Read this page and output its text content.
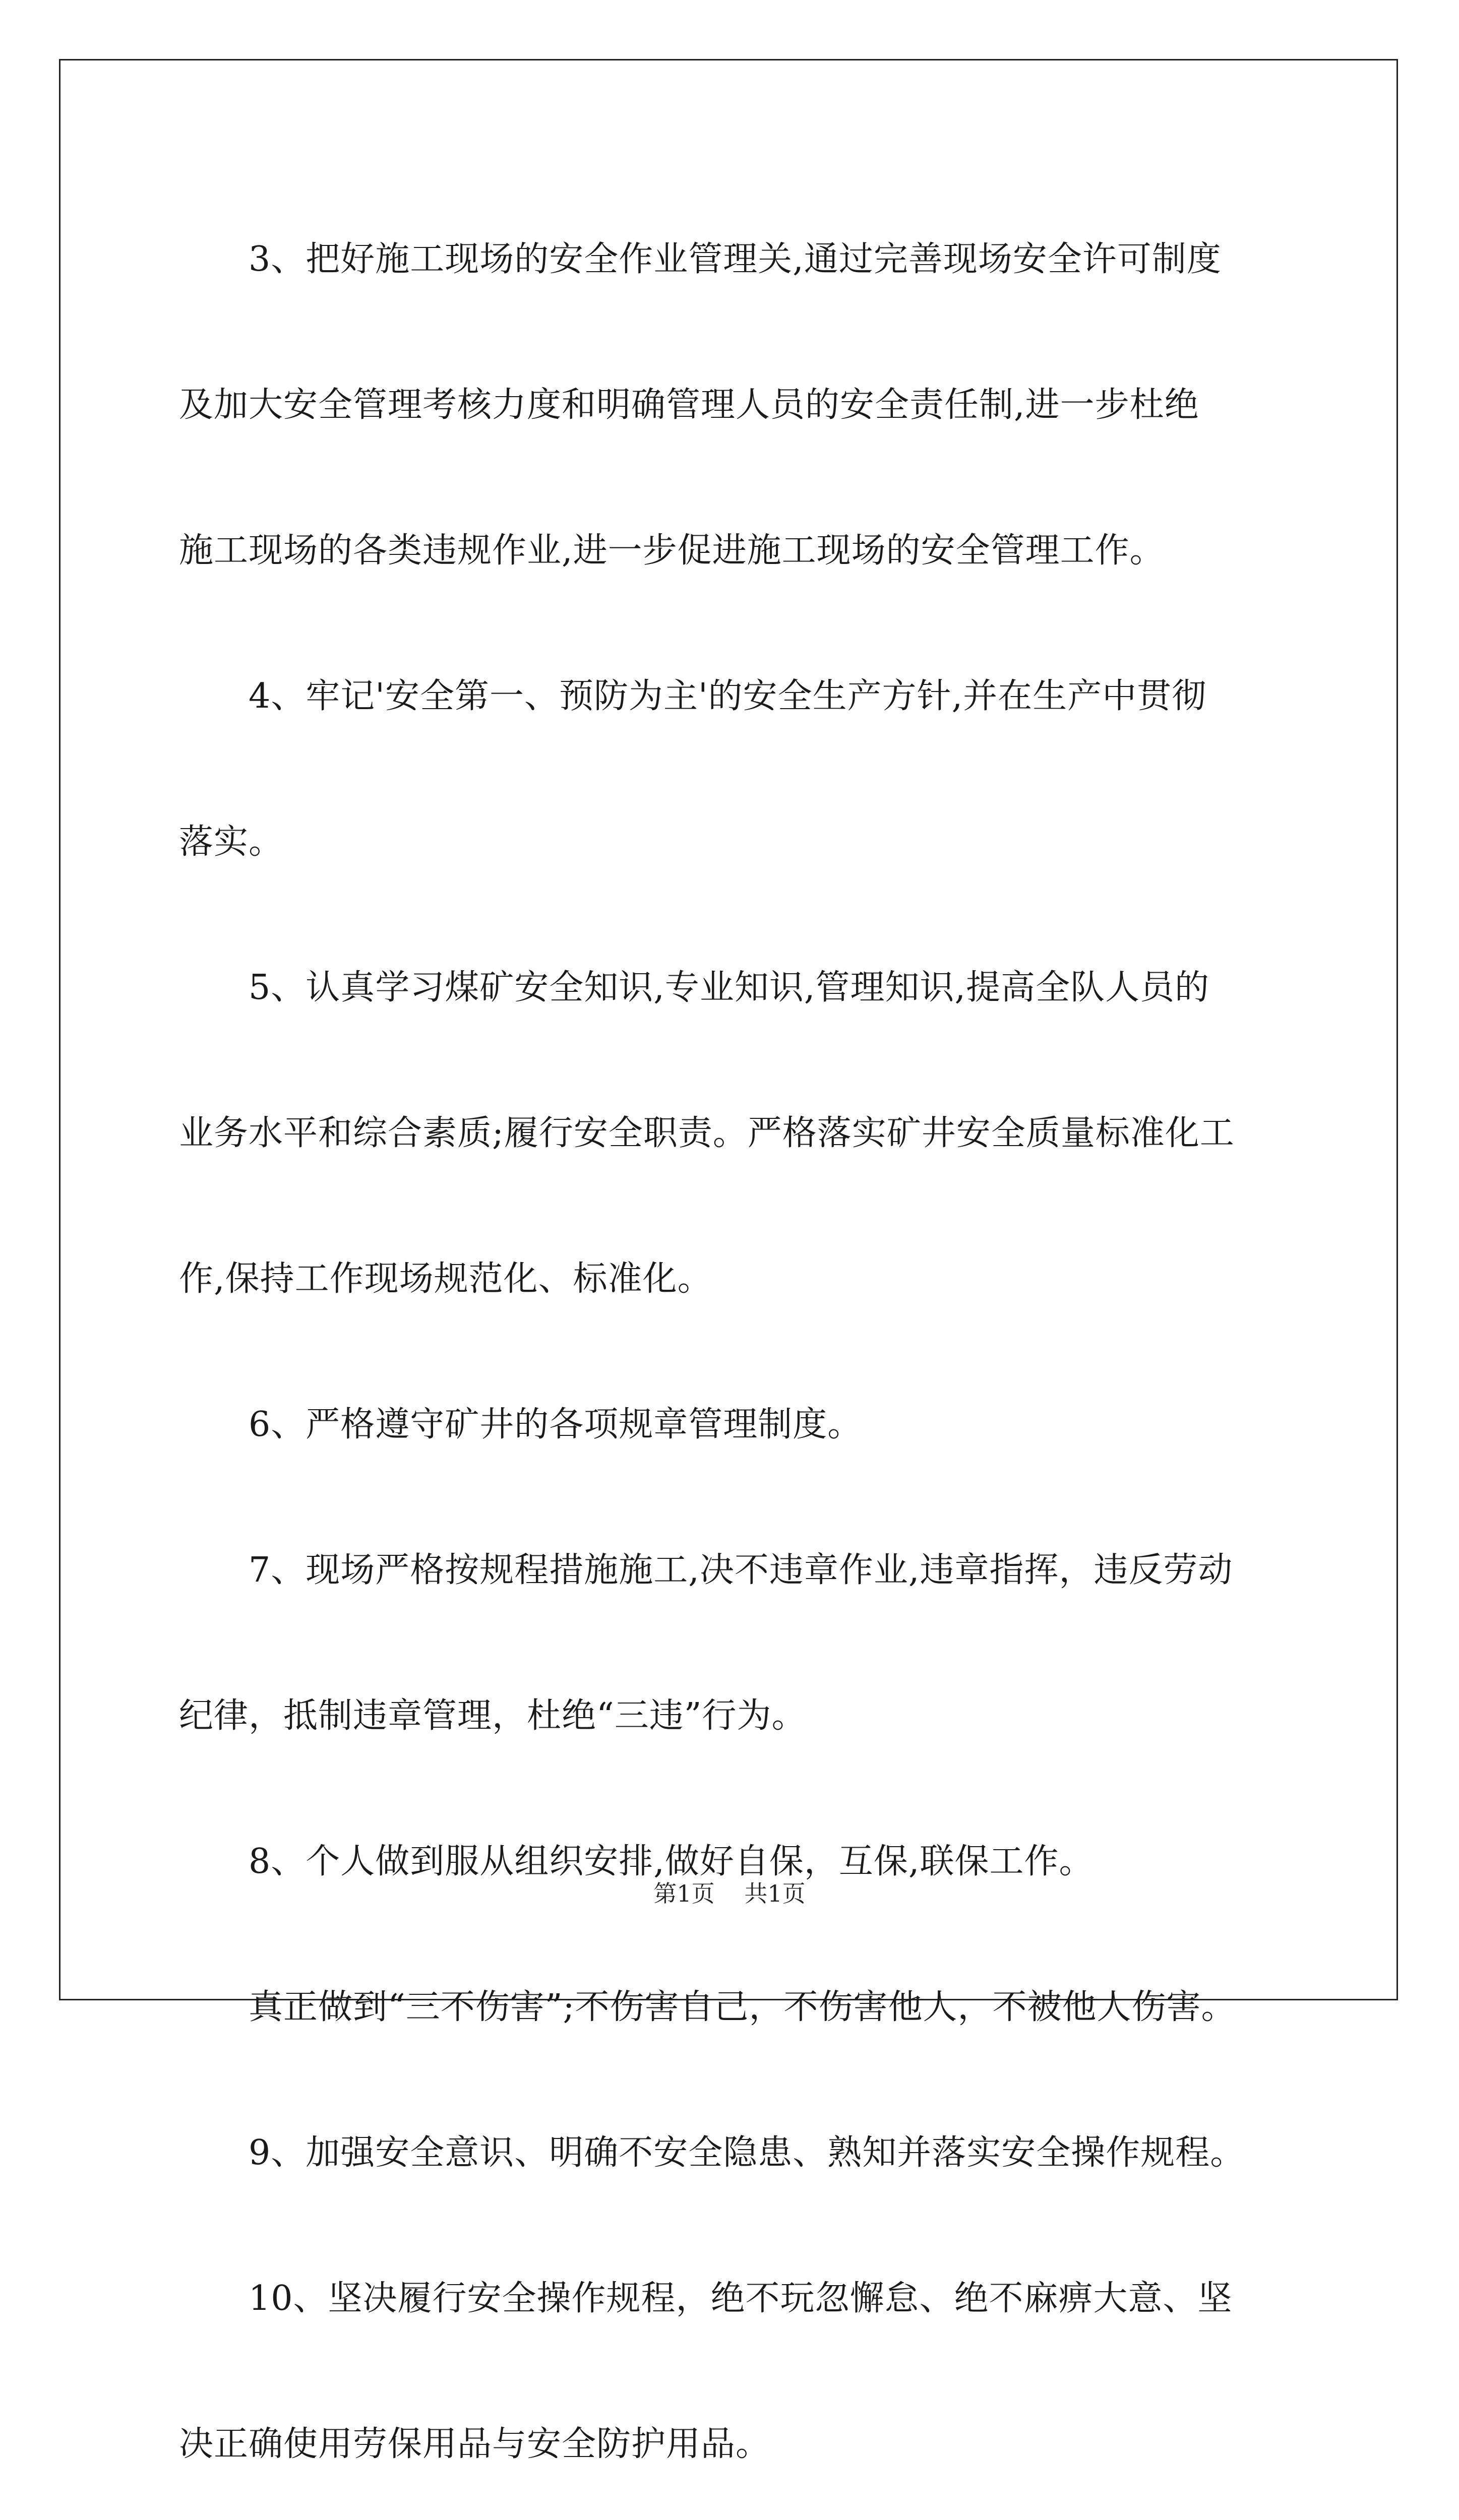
　　3、把好施工现场的安全作业管理关,通过完善现场安全许可制度
及加大安全管理考核力度和明确管理人员的安全责任制,进一步杜绝
施工现场的各类违规作业,进一步促进施工现场的安全管理工作。
　　4、牢记'安全第一、预防为主'的安全生产方针,并在生产中贯彻
落实。
　　5、认真学习煤矿安全知识,专业知识,管理知识,提高全队人员的
业务水平和综合素质;履行安全职责。严格落实矿井安全质量标准化工
作,保持工作现场规范化、标准化。
　　6、严格遵守矿井的各项规章管理制度。
　　7、现场严格按规程措施施工,决不违章作业,违章指挥，违反劳动
纪律，抵制违章管理，杜绝“三违”行为。
　　8、个人做到服从组织安排,做好自保，互保,联保工作。
　　真正做到“三不伤害”;不伤害自己，不伤害他人，不被他人伤害。
　　9、加强安全意识、明确不安全隐患、熟知并落实安全操作规程。
　　10、坚决履行安全操作规程，绝不玩忽懈怠、绝不麻痹大意、坚
决正确使用劳保用品与安全防护用品。
第1页 共1页
